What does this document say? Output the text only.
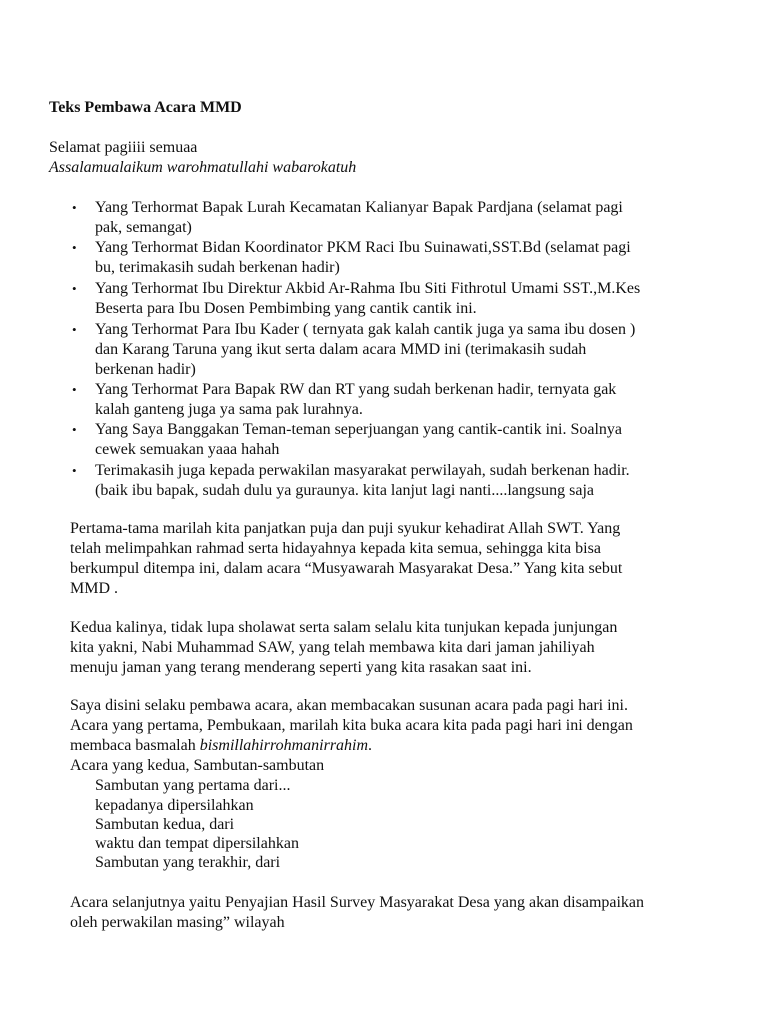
Teks Pembawa Acara MMD
Selamat pagiiii semuaa
Assalamualaikum warohmatullahi wabarokatuh
• Yang Terhormat Bapak Lurah Kecamatan Kalianyar Bapak Pardjana (selamat pagi
pak, semangat)
• Yang Terhormat Bidan Koordinator PKM Raci Ibu Suinawati,SST.Bd (selamat pagi
bu, terimakasih sudah berkenan hadir)
• Yang Terhormat Ibu Direktur Akbid Ar-Rahma Ibu Siti Fithrotul Umami SST.,M.Kes
Beserta para Ibu Dosen Pembimbing yang cantik cantik ini.
• Yang Terhormat Para Ibu Kader ( ternyata gak kalah cantik juga ya sama ibu dosen )
dan Karang Taruna yang ikut serta dalam acara MMD ini (terimakasih sudah
berkenan hadir)
• Yang Terhormat Para Bapak RW dan RT yang sudah berkenan hadir, ternyata gak
kalah ganteng juga ya sama pak lurahnya.
• Yang Saya Banggakan Teman-teman seperjuangan yang cantik-cantik ini. Soalnya
cewek semuakan yaaa hahah
• Terimakasih juga kepada perwakilan masyarakat perwilayah, sudah berkenan hadir.
(baik ibu bapak, sudah dulu ya guraunya. kita lanjut lagi nanti....langsung saja
Pertama-tama marilah kita panjatkan puja dan puji syukur kehadirat Allah SWT. Yang
telah melimpahkan rahmad serta hidayahnya kepada kita semua, sehingga kita bisa
berkumpul ditempa ini, dalam acara “Musyawarah Masyarakat Desa.” Yang kita sebut
MMD .
Kedua kalinya, tidak lupa sholawat serta salam selalu kita tunjukan kepada junjungan
kita yakni, Nabi Muhammad SAW, yang telah membawa kita dari jaman jahiliyah
menuju jaman yang terang menderang seperti yang kita rasakan saat ini.
Saya disini selaku pembawa acara, akan membacakan susunan acara pada pagi hari ini.
Acara yang pertama, Pembukaan, marilah kita buka acara kita pada pagi hari ini dengan
membaca basmalah bismillahirrohmanirrahim.
Acara yang kedua, Sambutan-sambutan
Sambutan yang pertama dari...
kepadanya dipersilahkan
Sambutan kedua, dari
waktu dan tempat dipersilahkan
Sambutan yang terakhir, dari
Acara selanjutnya yaitu Penyajian Hasil Survey Masyarakat Desa yang akan disampaikan
oleh perwakilan masing” wilayah
